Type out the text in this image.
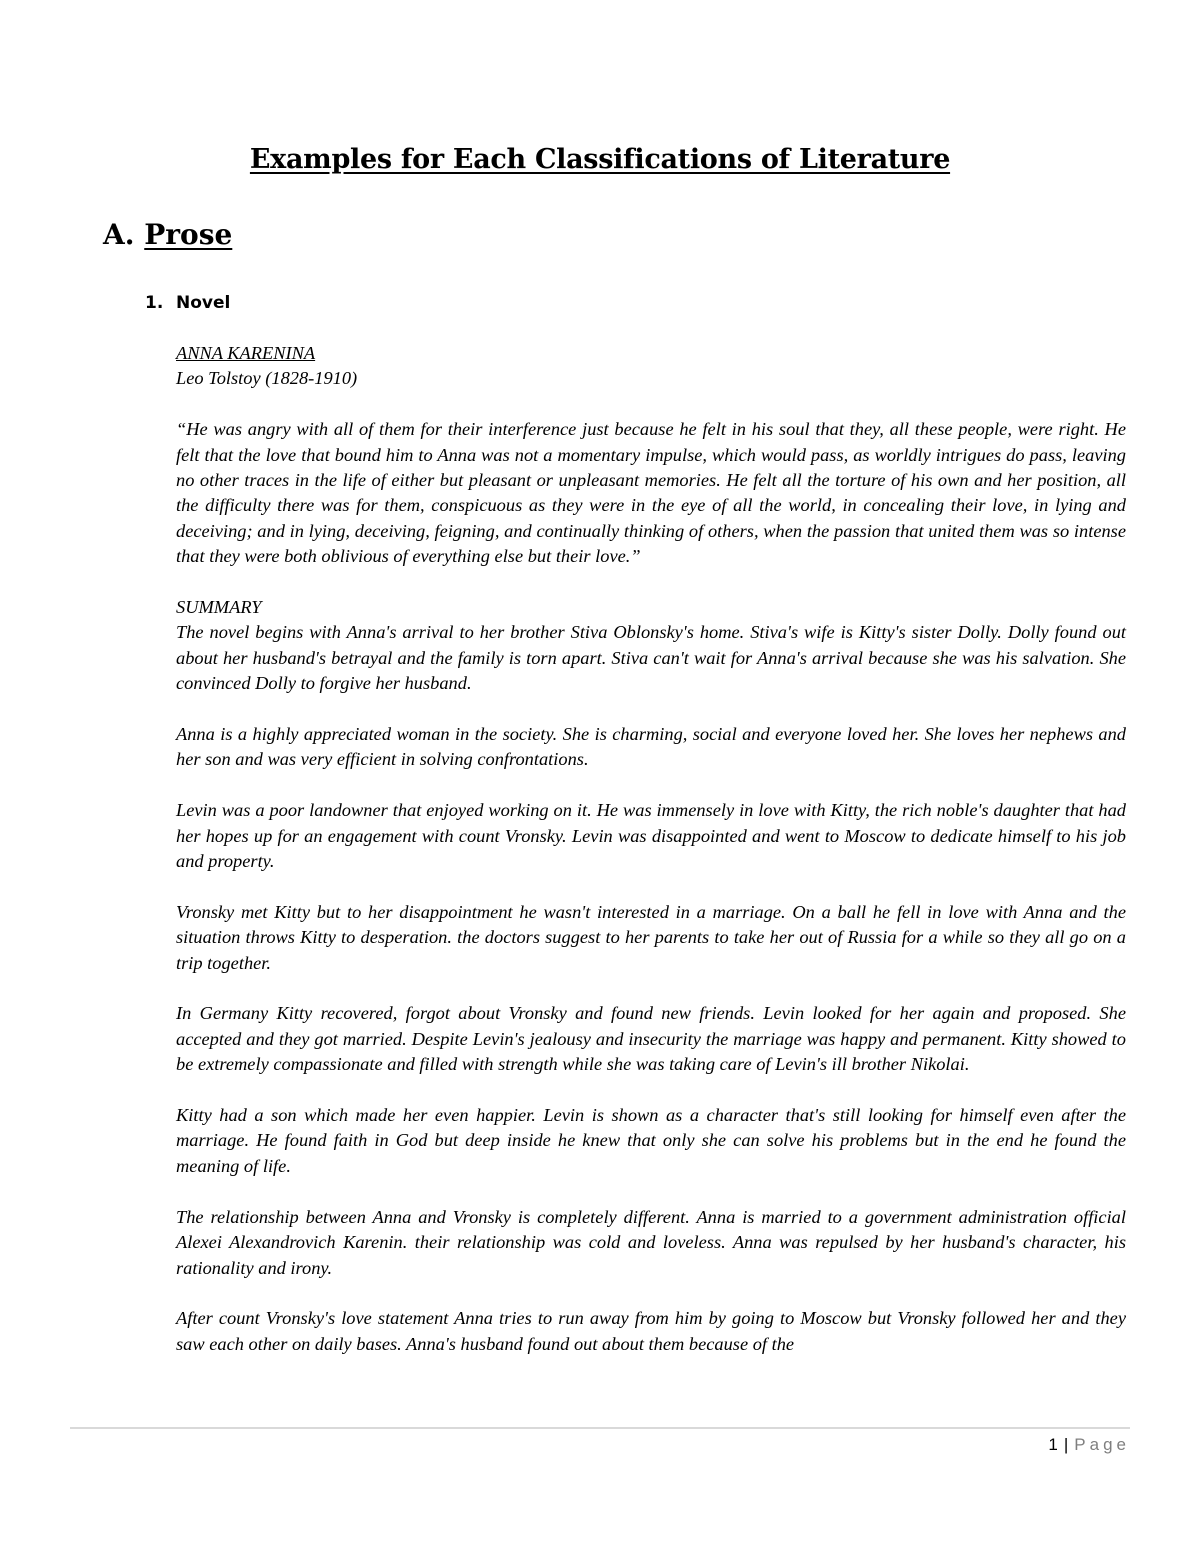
Examples for Each Classifications of Literature
A. Prose
1. Novel
ANNA KARENINA
Leo Tolstoy (1828-1910)

“He was angry with all of them for their interference just because he felt in his soul that they, all these people, were right. He felt that the love that bound him to Anna was not a momentary impulse, which would pass, as worldly intrigues do pass, leaving no other traces in the life of either but pleasant or unpleasant memories. He felt all the torture of his own and her position, all the difficulty there was for them, conspicuous as they were in the eye of all the world, in concealing their love, in lying and deceiving; and in lying, deceiving, feigning, and continually thinking of others, when the passion that united them was so intense that they were both oblivious of everything else but their love.”

SUMMARY

The novel begins with Anna's arrival to her brother Stiva Oblonsky's home. Stiva's wife is Kitty's sister Dolly. Dolly found out about her husband's betrayal and the family is torn apart. Stiva can't wait for Anna's arrival because she was his salvation. She convinced Dolly to forgive her husband.

Anna is a highly appreciated woman in the society. She is charming, social and everyone loved her. She loves her nephews and her son and was very efficient in solving confrontations.

Levin was a poor landowner that enjoyed working on it. He was immensely in love with Kitty, the rich noble's daughter that had her hopes up for an engagement with count Vronsky. Levin was disappointed and went to Moscow to dedicate himself to his job and property.

Vronsky met Kitty but to her disappointment he wasn't interested in a marriage. On a ball he fell in love with Anna and the situation throws Kitty to desperation. the doctors suggest to her parents to take her out of Russia for a while so they all go on a trip together.

In Germany Kitty recovered, forgot about Vronsky and found new friends. Levin looked for her again and proposed. She accepted and they got married. Despite Levin's jealousy and insecurity the marriage was happy and permanent. Kitty showed to be extremely compassionate and filled with strength while she was taking care of Levin's ill brother Nikolai.

Kitty had a son which made her even happier. Levin is shown as a character that's still looking for himself even after the marriage. He found faith in God but deep inside he knew that only she can solve his problems but in the end he found the meaning of life.

The relationship between Anna and Vronsky is completely different. Anna is married to a government administration official Alexei Alexandrovich Karenin. their relationship was cold and loveless. Anna was repulsed by her husband's character, his rationality and irony.

After count Vronsky's love statement Anna tries to run away from him by going to Moscow but Vronsky followed her and they saw each other on daily bases. Anna's husband found out about them because of the

1 | Page
